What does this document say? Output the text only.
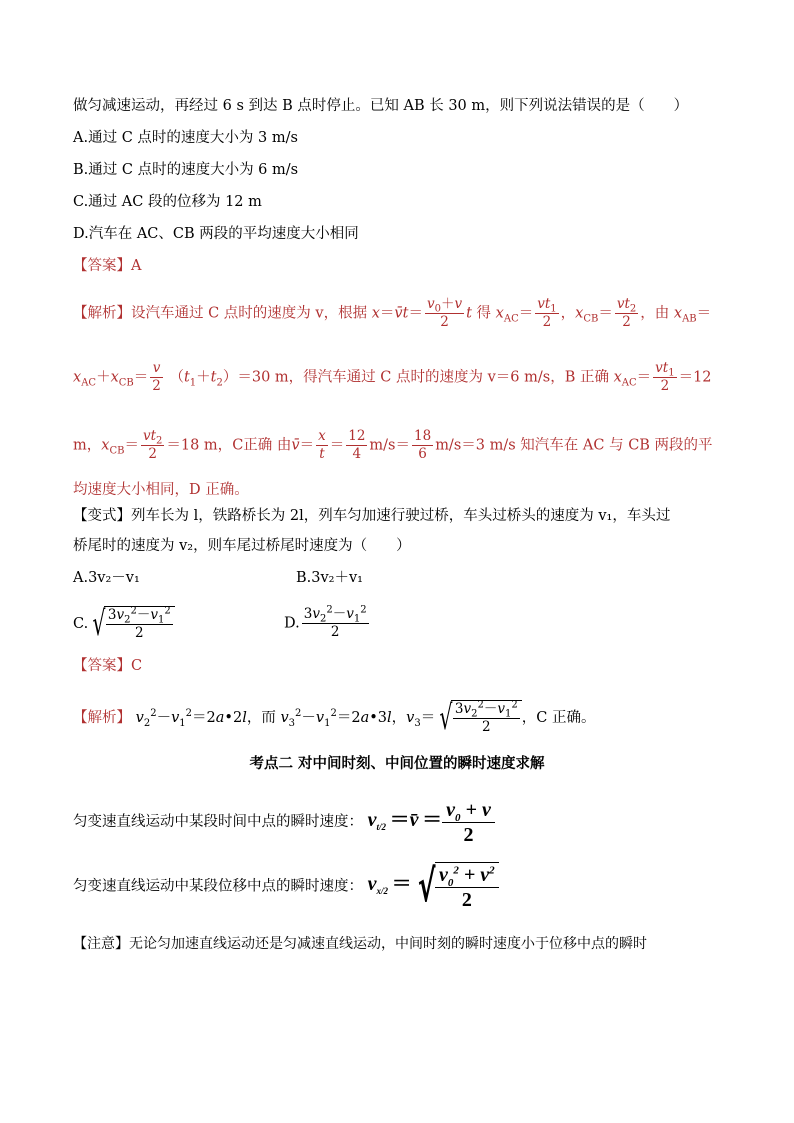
做匀减速运动，再经过 6 s 到达 B 点时停止。已知 AB 长 30 m，则下列说法错误的是（　　）
A.通过 C 点时的速度大小为 3 m/s
B.通过 C 点时的速度大小为 6 m/s
C.通过 AC 段的位移为 12 m
D.汽车在 AC、CB 两段的平均速度大小相同
【答案】A
【解析】设汽车通过 C 点时的速度为 v，根据 x＝v̄t＝ $\frac{v_0+v}{2}$ t 得 $x_{AC}= \frac{vt_1}{2}$ ，$x_{CB}= \frac{vt_2}{2}$ ，由 $x_{AB}=$
$x_{AC}+x_{CB}= \frac{v}{2} (t_1+t_2)=30$ m，得汽车通过 C 点时的速度为 v＝6 m/s，B 正确 $x_{AC}= \frac{vt_1}{2} =12$
m，$x_{CB}= \frac{vt_2}{2} =18$ m，C正确 由v̄＝ $\frac{x}{t} = \frac{12}{4} m/s= \frac{18}{6} m/s=3$ m/s 知汽车在 AC 与 CB 两段的平
均速度大小相同，D 正确。
【变式】列车长为 l，铁路桥长为 2l，列车匀加速行驶过桥，车头过桥头的速度为 v₁，车头过
桥尾时的速度为 v₂，则车尾过桥尾时速度为（　　）
A.3v₂－v₁	B.3v₂＋v₁
C. √ $\frac{3v_2^2-v_1^2}{2}$	D. $\frac{3v_2^2-v_1^2}{2}$
【答案】C
【解析】 $v_2^2-v_1^2=2a•2l$，而 $v_3^2-v_1^2=2a•3l$，$v_3=$ √ $\frac{3v_2^2-v_1^2}{2}$ ，C 正确。
考点二 对中间时刻、中间位置的瞬时速度求解
匀变速直线运动中某段时间中点的瞬时速度： $v_{t/2}$ ＝v̄ ＝ $\frac{v_0 + v}{2}$
匀变速直线运动中某段位移中点的瞬时速度： $v_{x/2}$ ＝ √ $\frac{v_0^2 + v^2}{2}$
【注意】无论匀加速直线运动还是匀减速直线运动，中间时刻的瞬时速度小于位移中点的瞬时
